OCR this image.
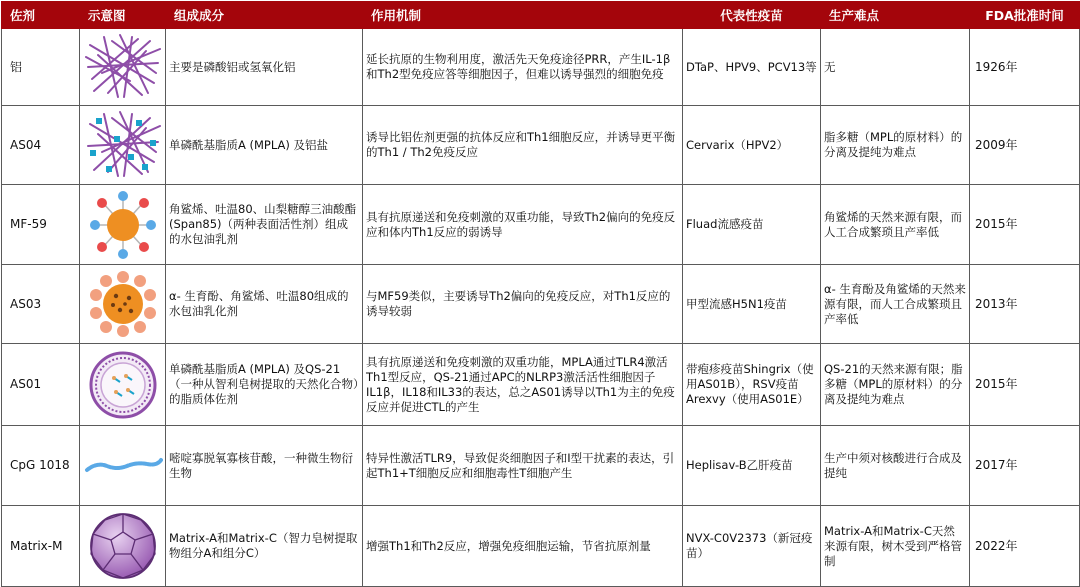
佐剂	示意图	组成成分	作用机制	代表性疫苗	生产难点	FDA批准时间
铝		主要是磷酸铝或氢氧化铝	延长抗原的生物利用度，激活先天免疫途径PRR，产生IL-1β和Th2型免疫应答等细胞因子，但难以诱导强烈的细胞免疫	DTaP、HPV9、PCV13等	无	1926年
AS04		单磷酰基脂质A (MPLA) 及铝盐	诱导比铝佐剂更强的抗体反应和Th1细胞反应，并诱导更平衡的Th1 / Th2免疫反应	Cervarix（HPV2）	脂多糖（MPL的原材料）的分离及提纯为难点	2009年
MF-59		角鲨烯、吐温80、山梨糖醇三油酸酯(Span85)（两种表面活性剂）组成的水包油乳剂	具有抗原递送和免疫刺激的双重功能，导致Th2偏向的免疫反应和体内Th1反应的弱诱导	Fluad流感疫苗	角鲨烯的天然来源有限，而人工合成繁琐且产率低	2015年
AS03		α- 生育酚、角鲨烯、吐温80组成的水包油乳化剂	与MF59类似，主要诱导Th2偏向的免疫反应，对Th1反应的诱导较弱	甲型流感H5N1疫苗	α- 生育酚及角鲨烯的天然来源有限，而人工合成繁琐且产率低	2013年
AS01		单磷酰基脂质A (MPLA) 及QS-21（一种从智利皂树提取的天然化合物）的脂质体佐剂	具有抗原递送和免疫刺激的双重功能，MPLA通过TLR4激活Th1型反应，QS-21通过APC的NLRP3激活活性细胞因子IL1β，IL18和IL33的表达，总之AS01诱导以Th1为主的免疫反应并促进CTL的产生	带疱疹疫苗Shingrix（使用AS01B），RSV疫苗Arexvy（使用AS01E）	QS-21的天然来源有限；脂多糖（MPL的原材料）的分离及提纯为难点	2015年
CpG 1018		嘧啶寡脱氧寡核苷酸，一种微生物衍生物	特异性激活TLR9，导致促炎细胞因子和I型干扰素的表达，引起Th1+T细胞反应和细胞毒性T细胞产生	Heplisav-B乙肝疫苗	生产中须对核酸进行合成及提纯	2017年
Matrix-M		Matrix-A和Matrix-C（智力皂树提取物组分A和组分C）	增强Th1和Th2反应，增强免疫细胞运输，节省抗原剂量	NVX-C0V2373（新冠疫苗）	Matrix-A和Matrix-C天然来源有限，树木受到严格管制	2022年
